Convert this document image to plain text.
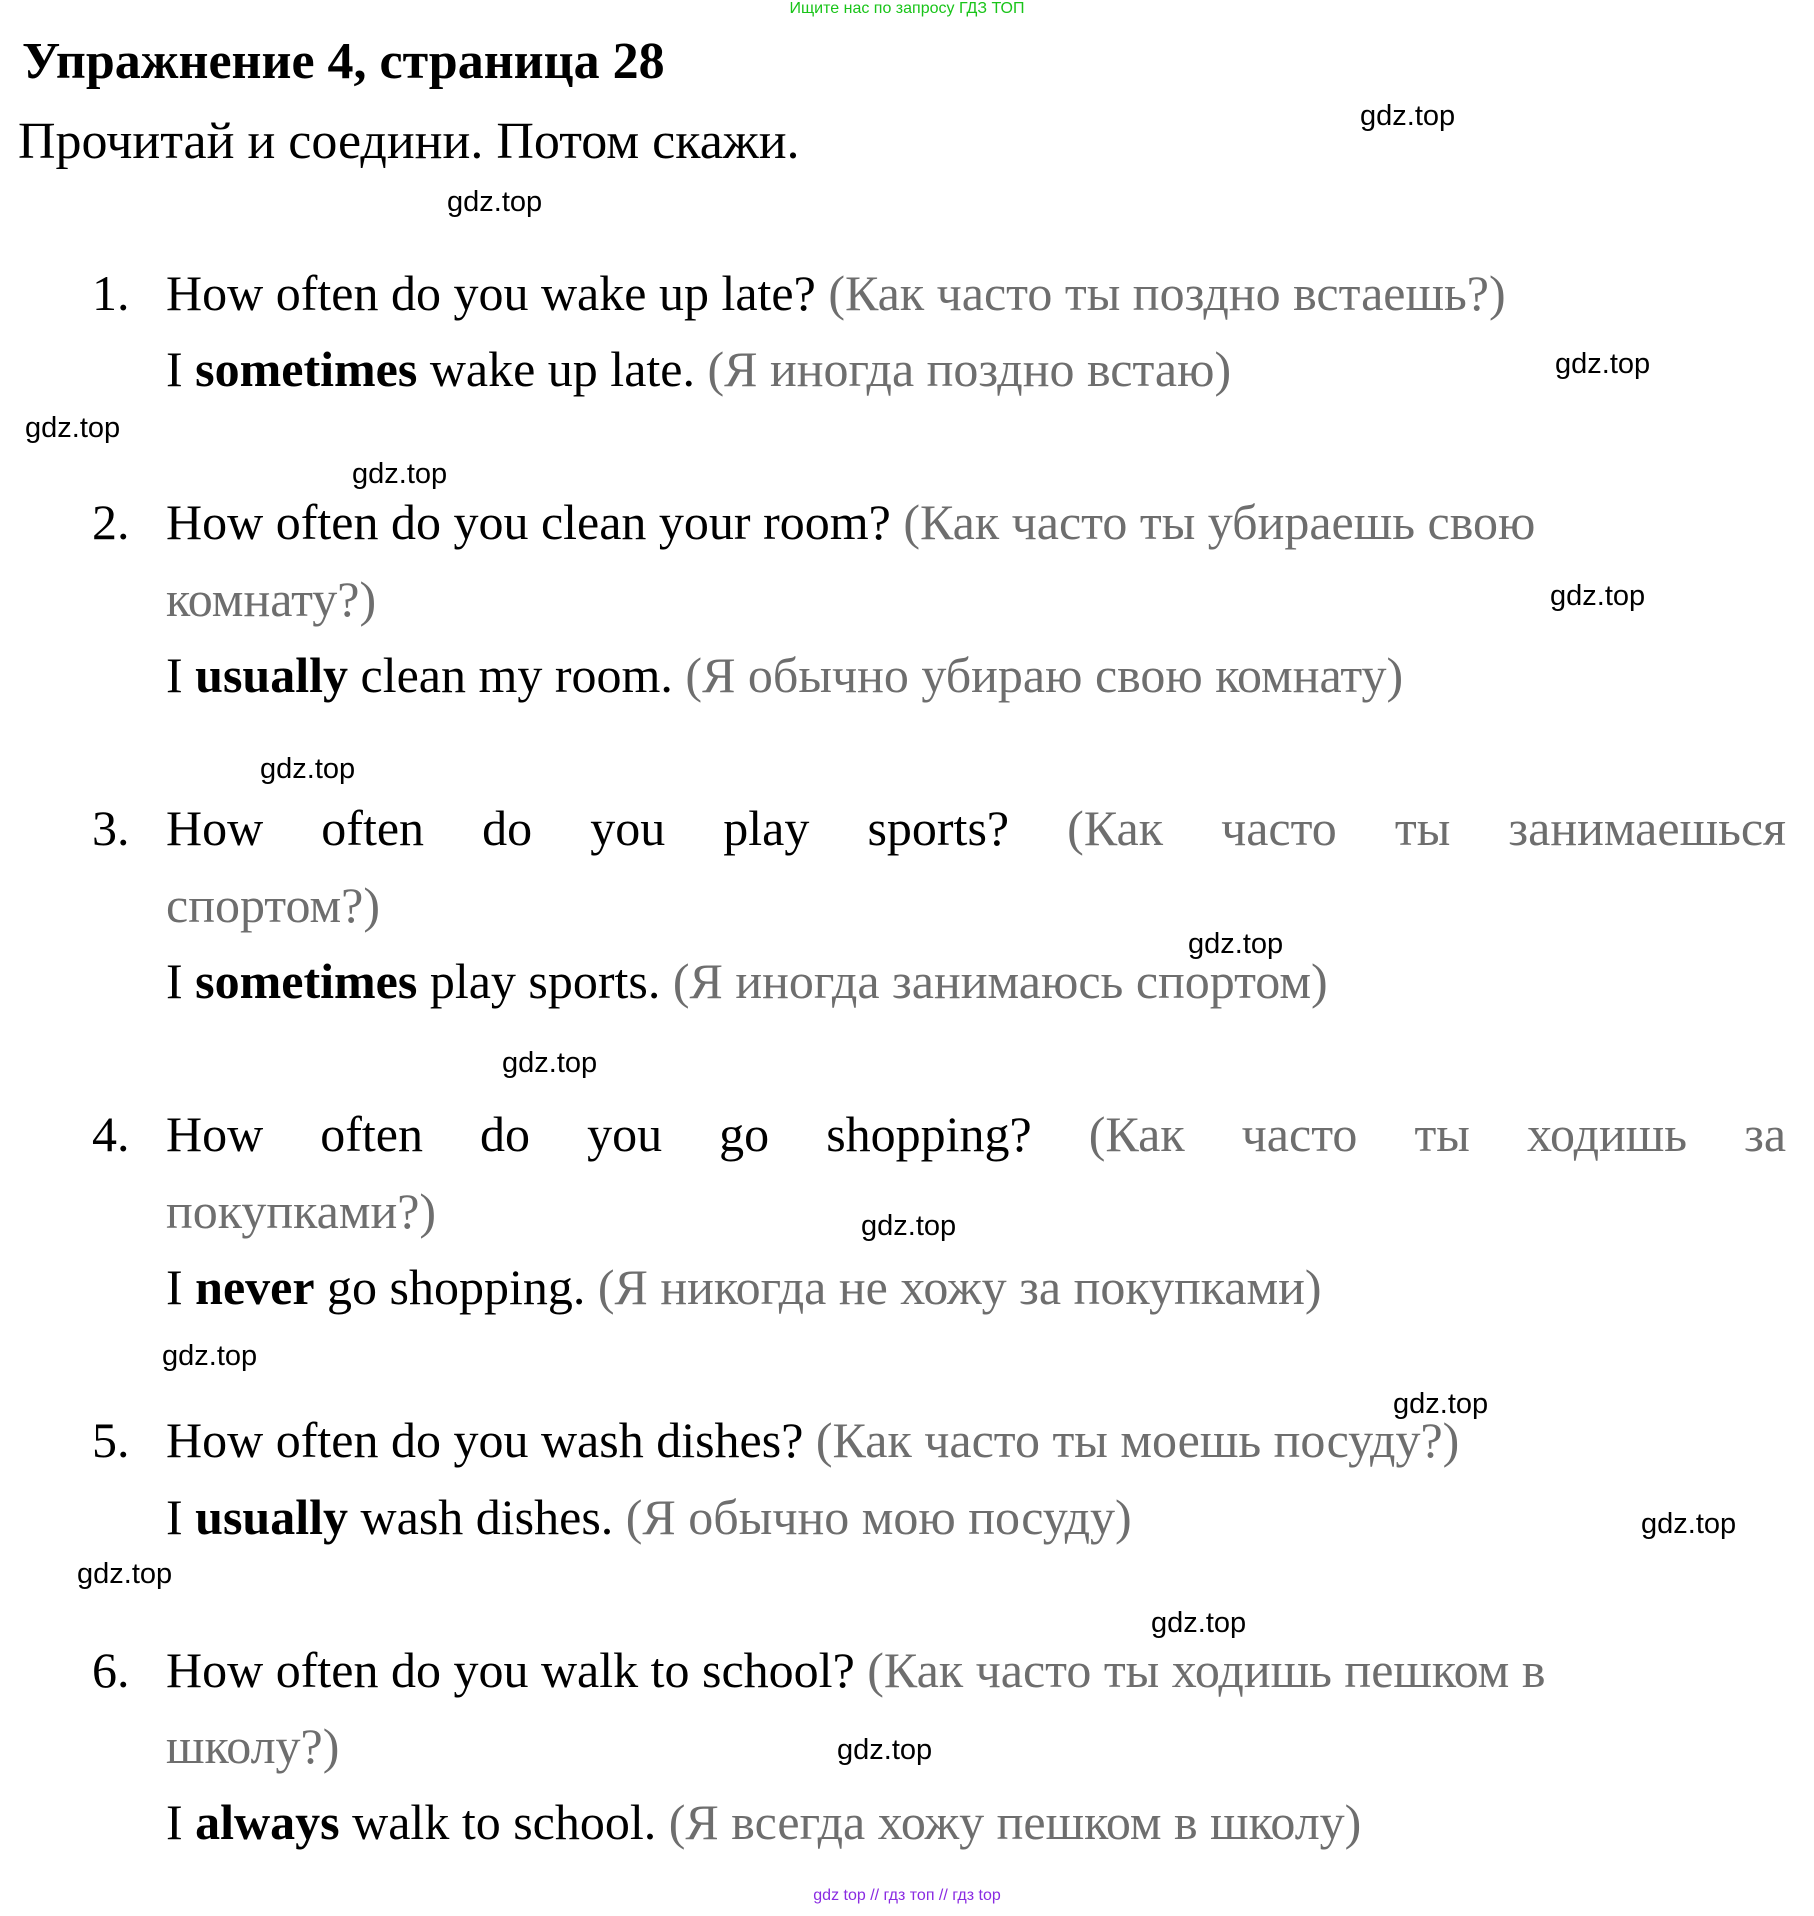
Ищите нас по запросу ГДЗ ТОП
Упражнение 4, страница 28
Прочитай и соедини. Потом скажи.
1. How often do you wake up late? (Как часто ты поздно встаешь?)
I sometimes wake up late. (Я иногда поздно встаю)
2. How often do you clean your room? (Как часто ты убираешь свою
комнату?)
I usually clean my room. (Я обычно убираю свою комнату)
3. How often do you play sports? (Как часто ты занимаешься
спортом?)
I sometimes play sports. (Я иногда занимаюсь спортом)
4. How often do you go shopping? (Как часто ты ходишь за
покупками?)
I never go shopping. (Я никогда не хожу за покупками)
5. How often do you wash dishes? (Как часто ты моешь посуду?)
I usually wash dishes. (Я обычно мою посуду)
6. How often do you walk to school? (Как часто ты ходишь пешком в
школу?)
I always walk to school. (Я всегда хожу пешком в школу)
gdz.top
gdz.top
gdz.top
gdz.top
gdz.top
gdz.top
gdz.top
gdz.top
gdz.top
gdz.top
gdz.top
gdz.top
gdz.top
gdz.top
gdz.top
gdz.top
gdz top // гдз топ // гдз top
